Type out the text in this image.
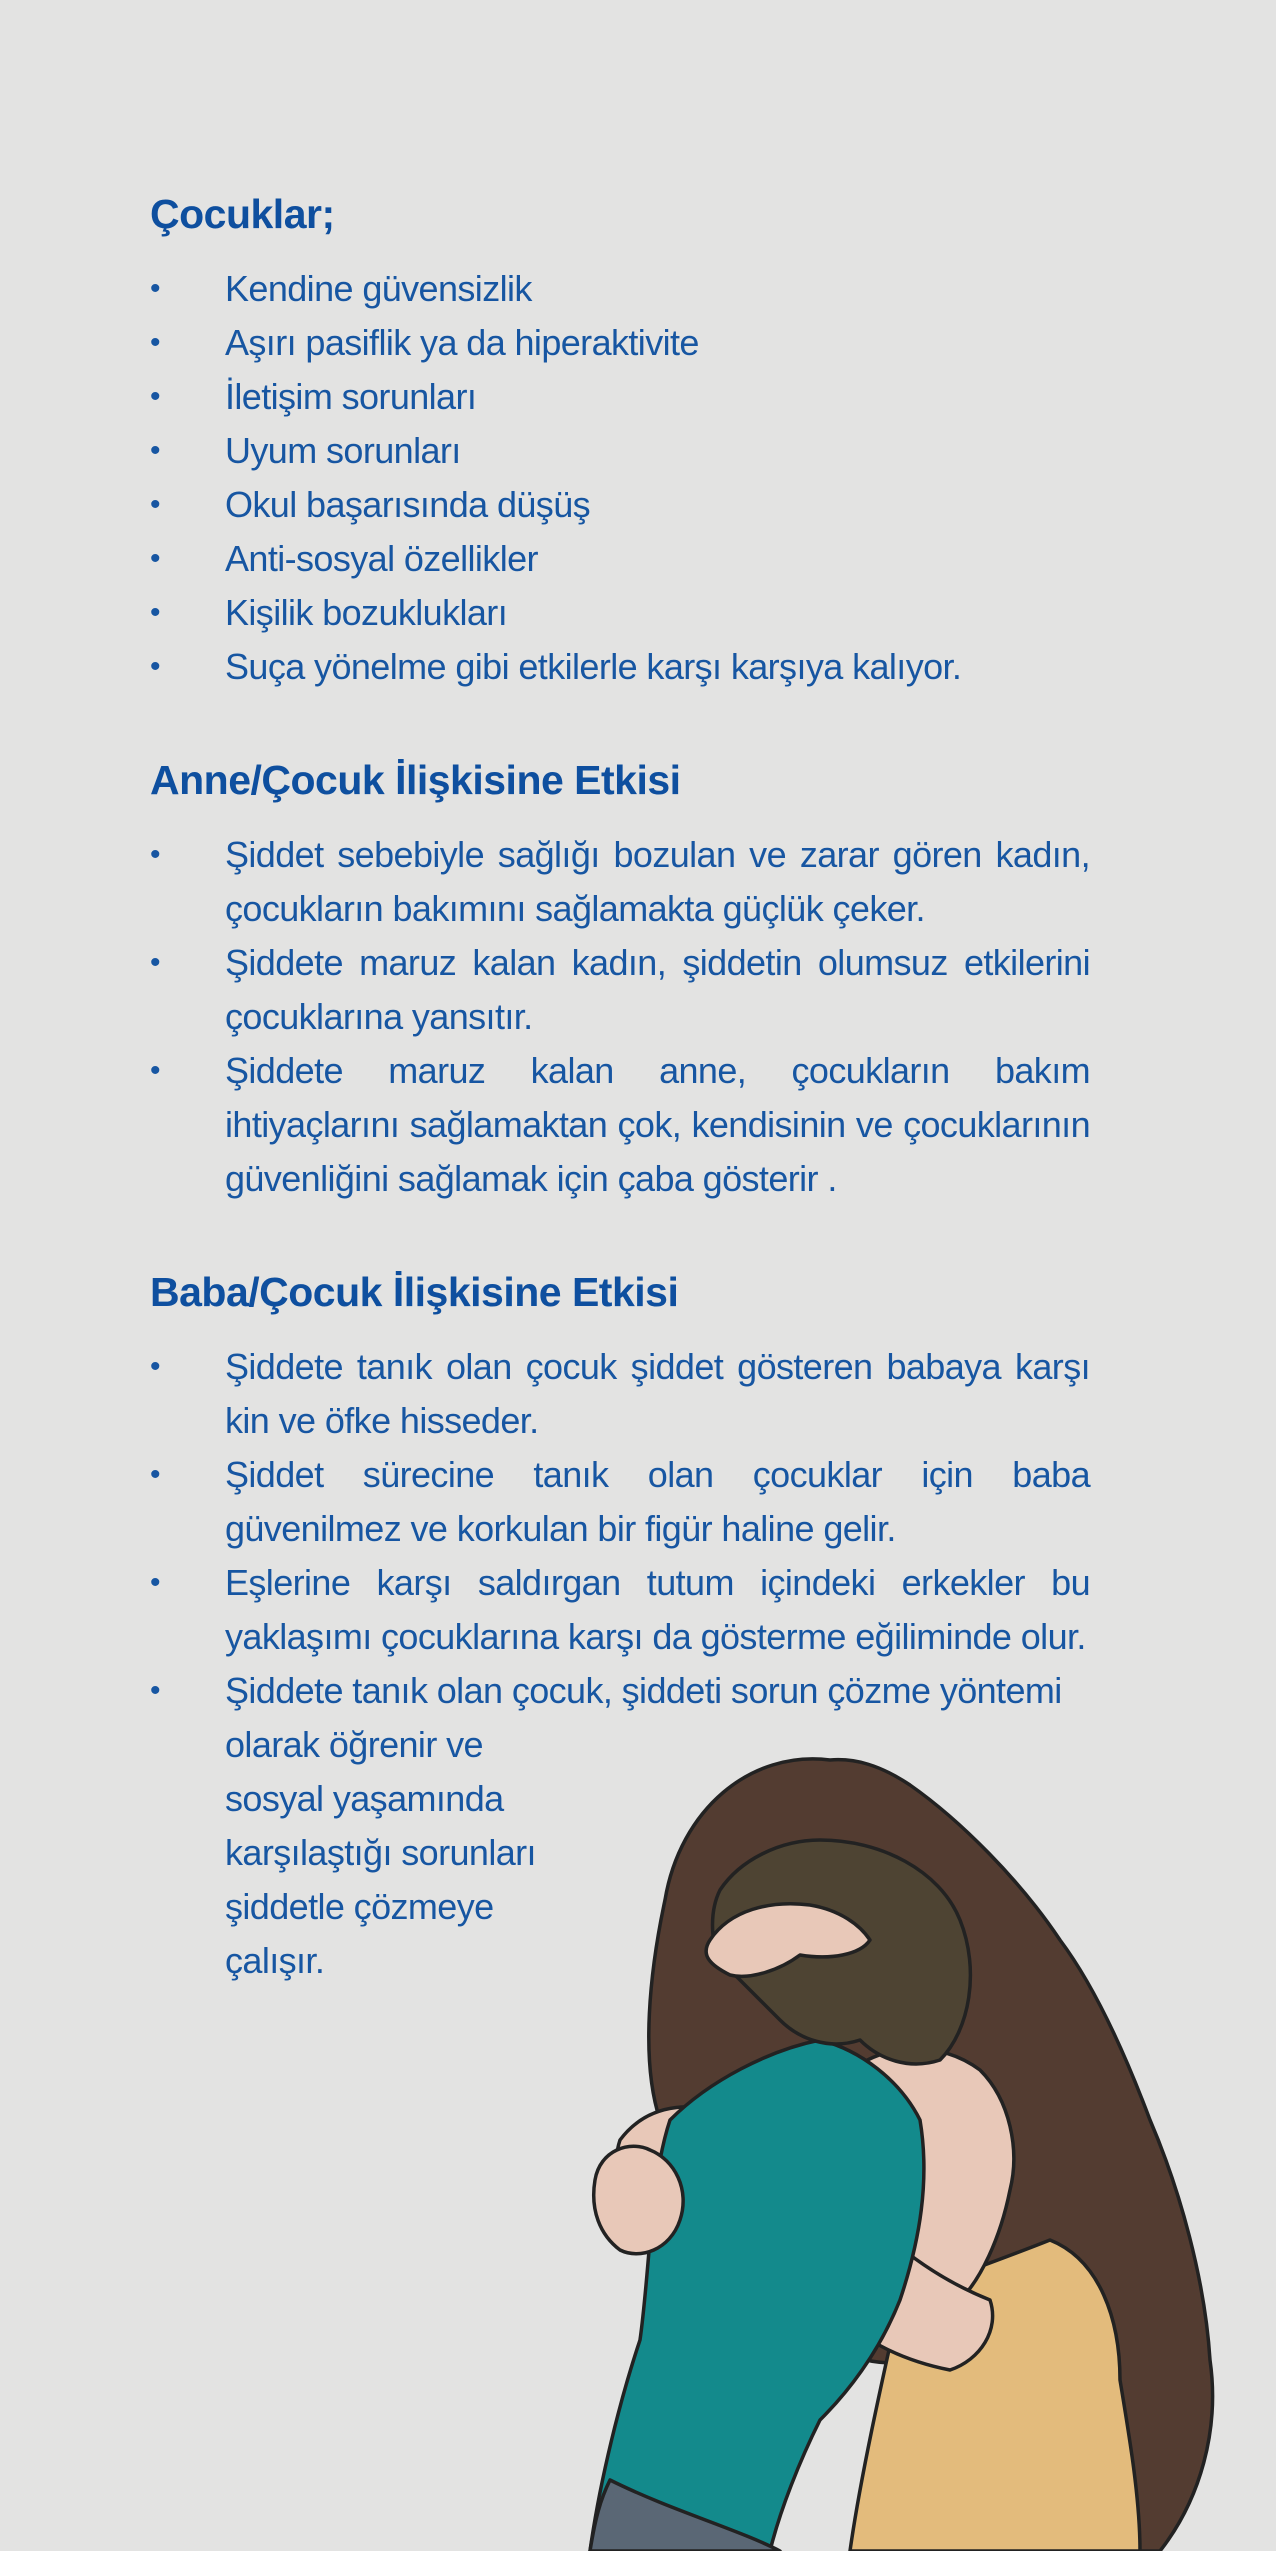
Çocuklar;
• Kendine güvensizlik
• Aşırı pasiflik ya da hiperaktivite
• İletişim sorunları
• Uyum sorunları
• Okul başarısında düşüş
• Anti-sosyal özellikler
• Kişilik bozuklukları
• Suça yönelme gibi etkilerle karşı karşıya kalıyor.
Anne/Çocuk İlişkisine Etkisi
• Şiddet sebebiyle sağlığı bozulan ve zarar gören kadın, çocukların bakımını sağlamakta güçlük çeker.
• Şiddete maruz kalan kadın, şiddetin olumsuz etkilerini çocuklarına yansıtır.
• Şiddete maruz kalan anne, çocukların bakım ihtiyaçlarını sağlamaktan çok, kendisinin ve çocuklarının güvenliğini sağlamak için çaba gösterir .
Baba/Çocuk İlişkisine Etkisi
• Şiddete tanık olan çocuk şiddet gösteren babaya karşı kin ve öfke hisseder.
• Şiddet sürecine tanık olan çocuklar için baba güvenilmez ve korkulan bir figür haline gelir.
• Eşlerine karşı saldırgan tutum içindeki erkekler bu yaklaşımı çocuklarına karşı da gösterme eğiliminde olur.
• Şiddete tanık olan çocuk, şiddeti sorun çözme yöntemi
olarak öğrenir ve
sosyal yaşamında
karşılaştığı sorunları
şiddetle çözmeye
çalışır.
